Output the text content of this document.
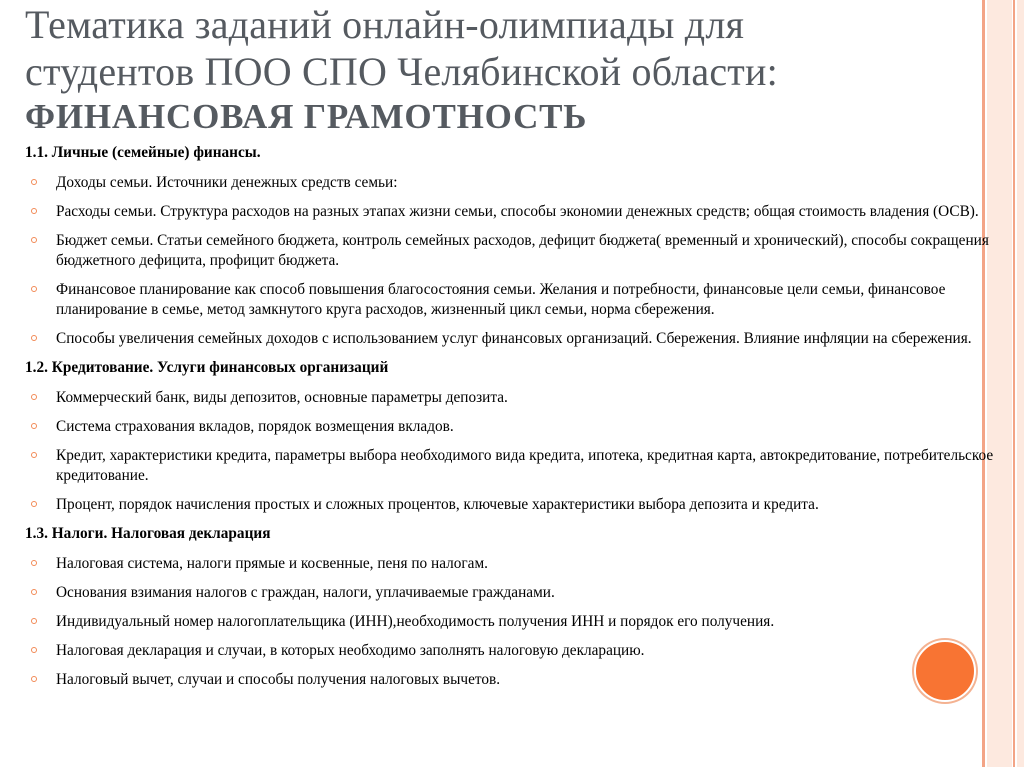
Тематика заданий онлайн-олимпиады для
студентов ПОО СПО Челябинской области:
ФИНАНСОВАЯ ГРАМОТНОСТЬ
1.1. Личные (семейные) финансы.
Доходы семьи. Источники денежных средств семьи:
Расходы семьи. Структура расходов на разных этапах жизни семьи, способы экономии денежных средств; общая стоимость владения (ОСВ).
Бюджет семьи. Статьи семейного бюджета, контроль семейных расходов, дефицит бюджета( временный и хронический), способы сокращения бюджетного дефицита, профицит бюджета.
Финансовое планирование как способ повышения благосостояния семьи. Желания и потребности, финансовые цели семьи, финансовое планирование в семье, метод замкнутого круга расходов, жизненный цикл семьи, норма сбережения.
Способы увеличения семейных доходов с использованием услуг финансовых организаций. Сбережения. Влияние инфляции на сбережения.
1.2. Кредитование. Услуги финансовых организаций
Коммерческий банк, виды депозитов, основные параметры депозита.
Система страхования вкладов, порядок возмещения вкладов.
Кредит, характеристики кредита, параметры выбора необходимого вида кредита, ипотека, кредитная карта, автокредитование, потребительское кредитование.
Процент, порядок начисления простых и сложных процентов, ключевые характеристики выбора депозита и кредита.
1.3. Налоги. Налоговая декларация
Налоговая система, налоги прямые и косвенные, пеня по налогам.
Основания взимания налогов с граждан, налоги, уплачиваемые гражданами.
Индивидуальный номер налогоплательщика (ИНН),необходимость получения ИНН и порядок его получения.
Налоговая декларация и случаи, в которых необходимо заполнять налоговую декларацию.
Налоговый вычет, случаи и способы получения налоговых вычетов.
